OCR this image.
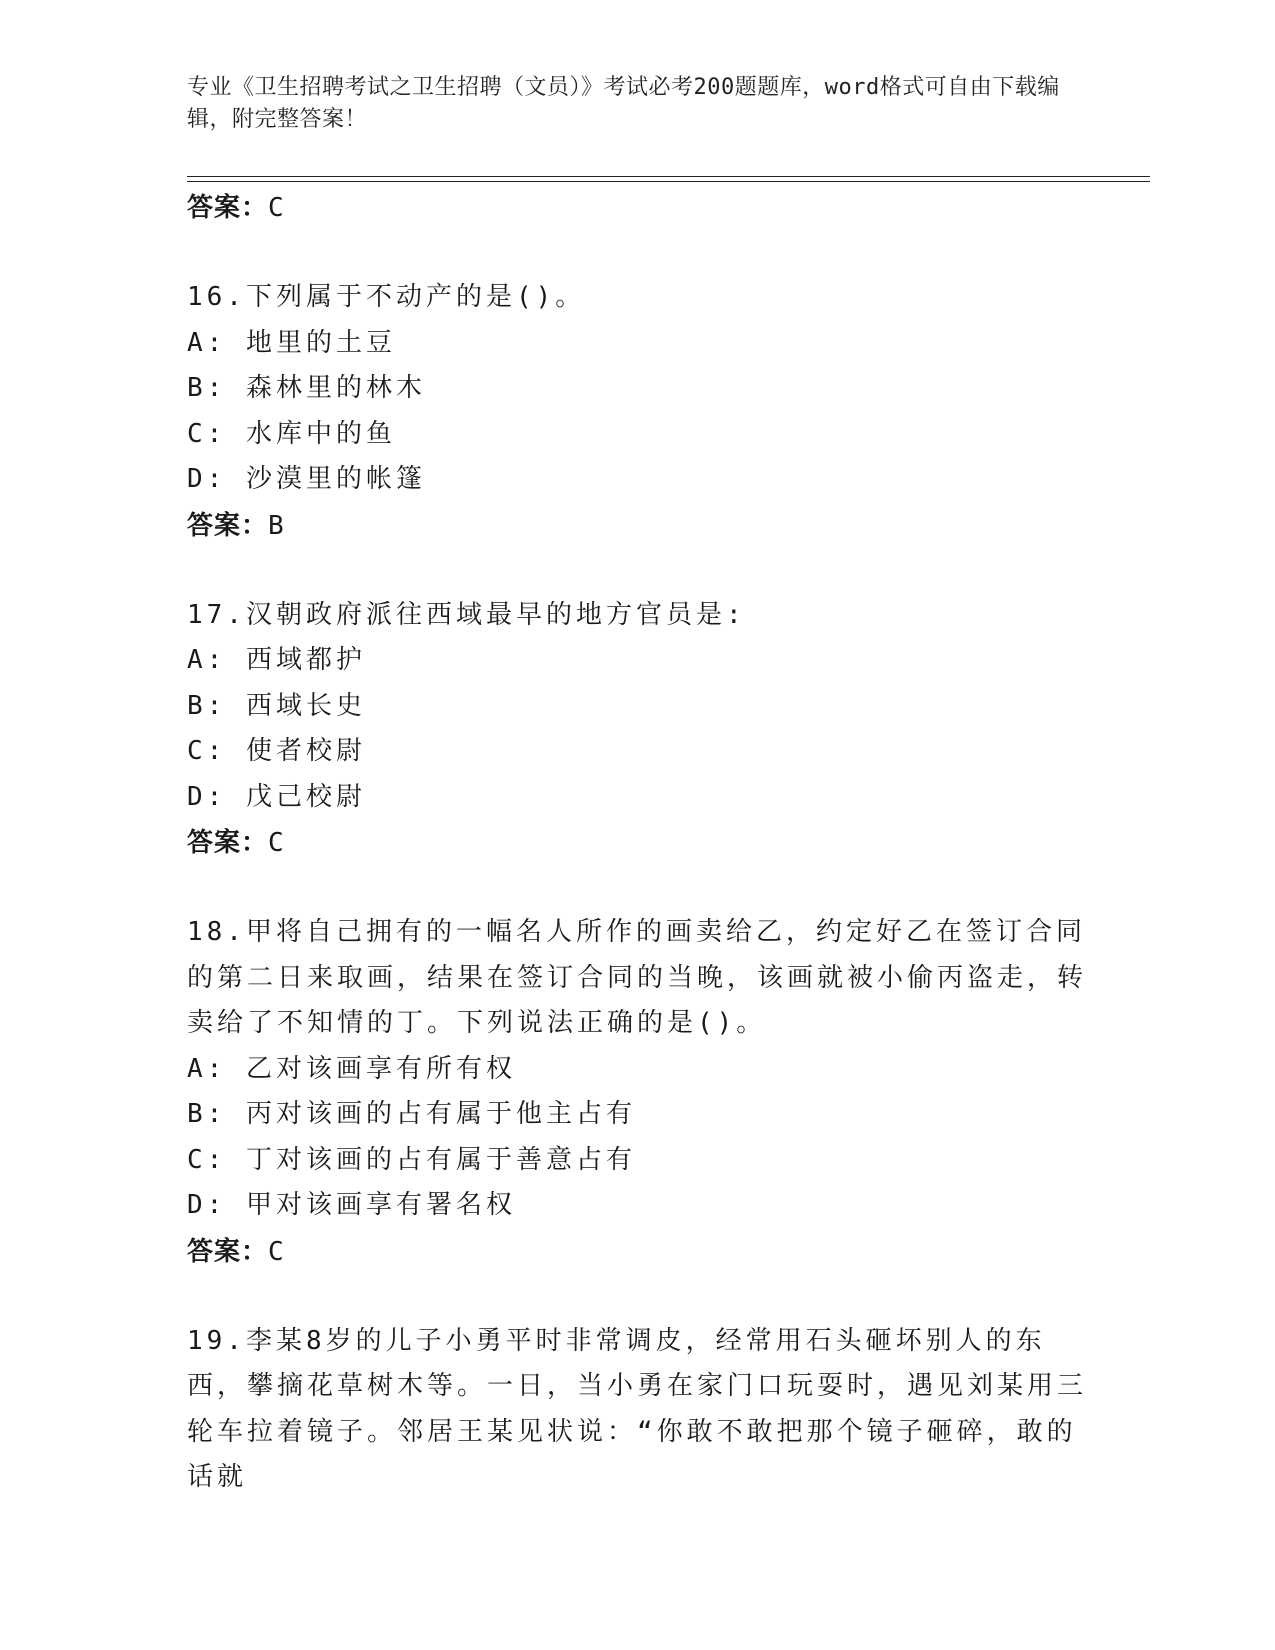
专业《卫生招聘考试之卫生招聘（文员）》考试必考200题题库，word格式可自由下载编辑，附完整答案！
答案：C
16.下列属于不动产的是()。
A: 地里的土豆
B: 森林里的林木
C: 水库中的鱼
D: 沙漠里的帐篷
答案：B
17.汉朝政府派往西域最早的地方官员是:
A: 西域都护
B: 西域长史
C: 使者校尉
D: 戊己校尉
答案：C
18.甲将自己拥有的一幅名人所作的画卖给乙，约定好乙在签订合同的第二日来取画，结果在签订合同的当晚，该画就被小偷丙盗走，转卖给了不知情的丁。下列说法正确的是()。
A: 乙对该画享有所有权
B: 丙对该画的占有属于他主占有
C: 丁对该画的占有属于善意占有
D: 甲对该画享有署名权
答案：C
19.李某8岁的儿子小勇平时非常调皮，经常用石头砸坏别人的东西，攀摘花草树木等。一日，当小勇在家门口玩耍时，遇见刘某用三轮车拉着镜子。邻居王某见状说：“你敢不敢把那个镜子砸碎，敢的话就
